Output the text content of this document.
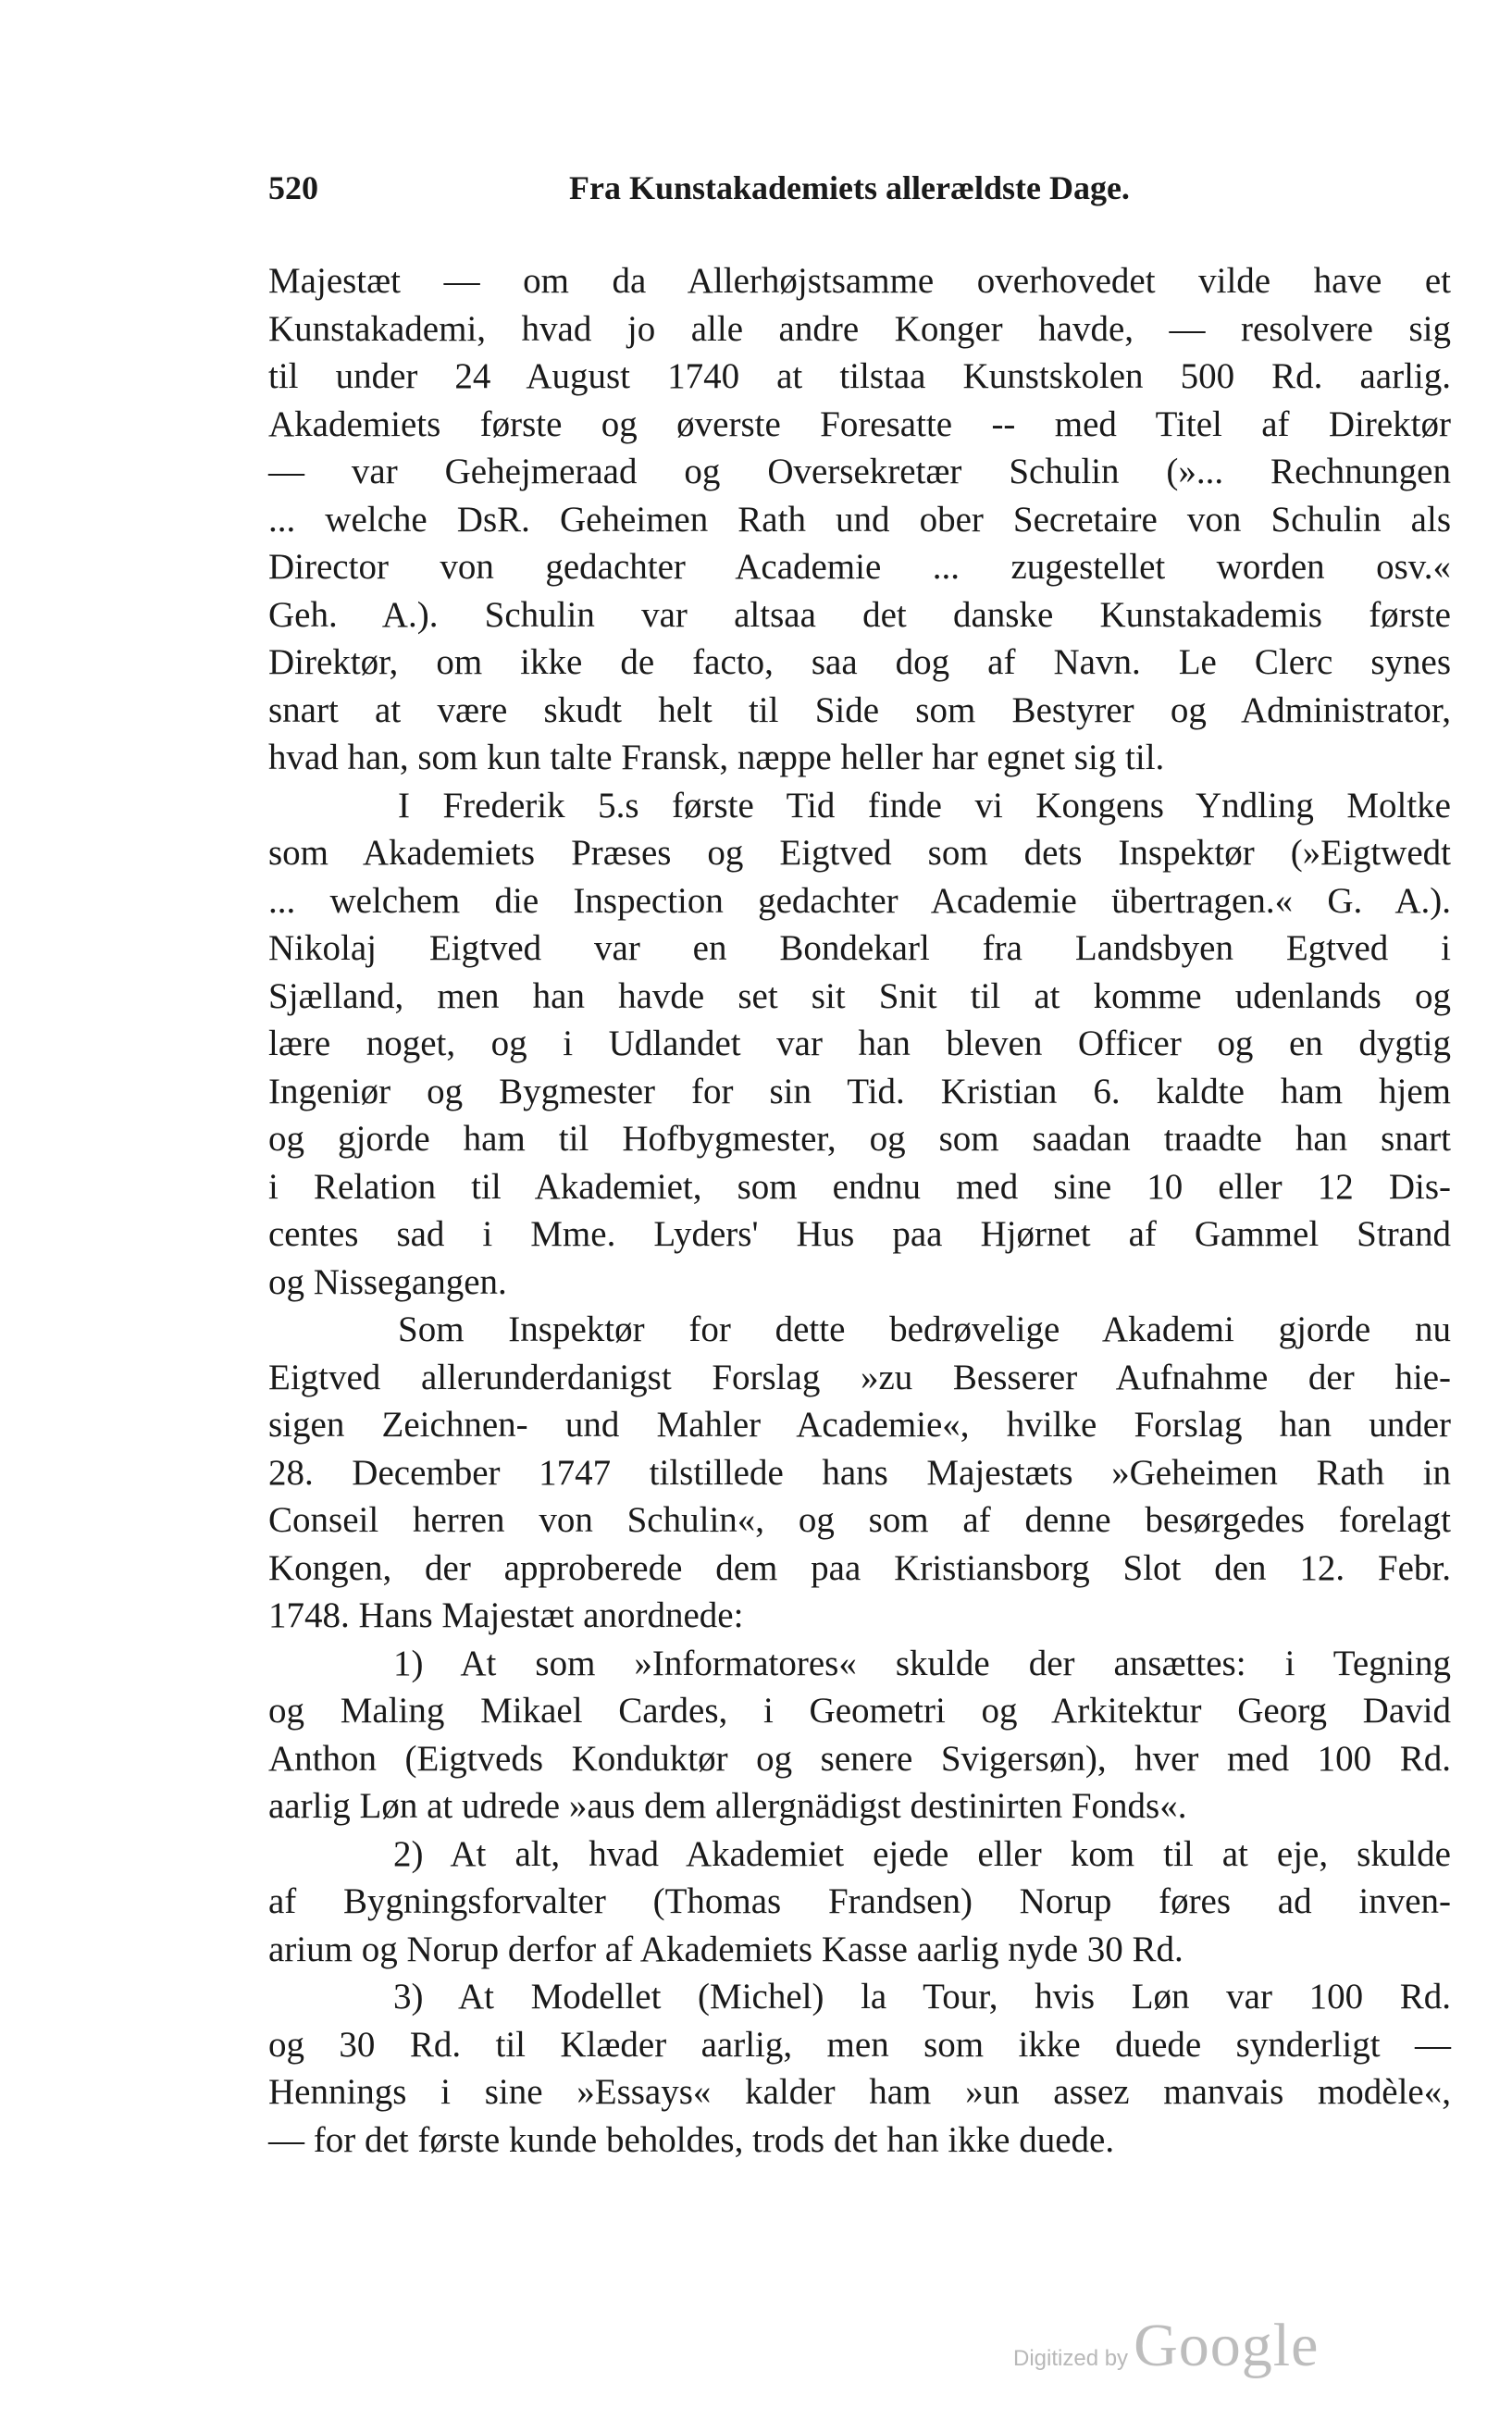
520	Fra Kunstakademiets allerældste Dage.
Majestæt — om da Allerhøjstsamme overhovedet vilde have et
Kunstakademi, hvad jo alle andre Konger havde, — resolvere sig
til under 24 August 1740 at tilstaa Kunstskolen 500 Rd. aarlig.
Akademiets første og øverste Foresatte -- med Titel af Direktør
— var Gehejmeraad og Oversekretær Schulin (»... Rechnungen
... welche DsR. Geheimen Rath und ober Secretaire von Schulin als
Director von gedachter Academie ... zugestellet worden osv.«
Geh. A.). Schulin var altsaa det danske Kunstakademis første
Direktør, om ikke de facto, saa dog af Navn. Le Clerc synes
snart at være skudt helt til Side som Bestyrer og Administrator,
hvad han, som kun talte Fransk, næppe heller har egnet sig til.
I Frederik 5.s første Tid finde vi Kongens Yndling Moltke
som Akademiets Præses og Eigtved som dets Inspektør (»Eigtwedt
... welchem die Inspection gedachter Academie übertragen.« G. A.).
Nikolaj Eigtved var en Bondekarl fra Landsbyen Egtved i
Sjælland, men han havde set sit Snit til at komme udenlands og
lære noget, og i Udlandet var han bleven Officer og en dygtig
Ingeniør og Bygmester for sin Tid. Kristian 6. kaldte ham hjem
og gjorde ham til Hofbygmester, og som saadan traadte han snart
i Relation til Akademiet, som endnu med sine 10 eller 12 Dis-
centes sad i Mme. Lyders' Hus paa Hjørnet af Gammel Strand
og Nissegangen.
Som Inspektør for dette bedrøvelige Akademi gjorde nu
Eigtved allerunderdanigst Forslag »zu Besserer Aufnahme der hie-
sigen Zeichnen- und Mahler Academie«, hvilke Forslag han under
28. December 1747 tilstillede hans Majestæts »Geheimen Rath in
Conseil herren von Schulin«, og som af denne besørgedes forelagt
Kongen, der approberede dem paa Kristiansborg Slot den 12. Febr.
1748. Hans Majestæt anordnede:
1) At som »Informatores« skulde der ansættes: i Tegning
og Maling Mikael Cardes, i Geometri og Arkitektur Georg David
Anthon (Eigtveds Konduktør og senere Svigersøn), hver med 100 Rd.
aarlig Løn at udrede »aus dem allergnädigst destinirten Fonds«.
2) At alt, hvad Akademiet ejede eller kom til at eje, skulde
af Bygningsforvalter (Thomas Frandsen) Norup føres ad inven-
arium og Norup derfor af Akademiets Kasse aarlig nyde 30 Rd.
3) At Modellet (Michel) la Tour, hvis Løn var 100 Rd.
og 30 Rd. til Klæder aarlig, men som ikke duede synderligt —
Hennings i sine »Essays« kalder ham »un assez manvais modèle«,
— for det første kunde beholdes, trods det han ikke duede.
Digitized by Google
